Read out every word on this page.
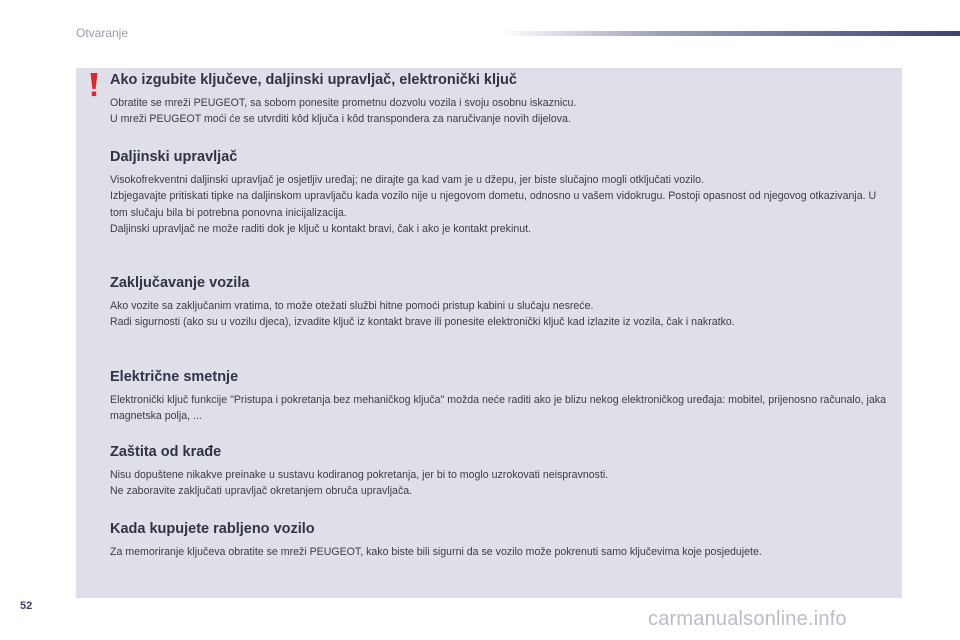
Otvaranje
Ako izgubite ključeve, daljinski upravljač, elektronički ključ

Obratite se mreži PEUGEOT, sa sobom ponesite prometnu dozvolu vozila i svoju osobnu iskaznicu.

U mreži PEUGEOT moći će se utvrditi kôd ključa i kôd transpondera za naručivanje novih dijelova.

Daljinski upravljač

Visokofrekventni daljinski upravljač je osjetljiv uređaj; ne dirajte ga kad vam je u džepu, jer biste slučajno mogli otključati vozilo.

Izbjegavajte pritiskati tipke na daljinskom upravljaču kada vozilo nije u njegovom dometu, odnosno u vašem vidokrugu. Postoji opasnost od njegovog otkazivanja. U tom slučaju bila bi potrebna ponovna inicijalizacija.

Daljinski upravljač ne može raditi dok je ključ u kontakt bravi, čak i ako je kontakt prekinut.

Zaključavanje vozila

Ako vozite sa zaključanim vratima, to može otežati službi hitne pomoći pristup kabini u slučaju nesreće.

Radi sigurnosti (ako su u vozilu djeca), izvadite ključ iz kontakt brave ili ponesite elektronički ključ kad izlazite iz vozila, čak i nakratko.

Električne smetnje

Elektronički ključ funkcije "Pristupa i pokretanja bez mehaničkog ključa" možda neće raditi ako je blizu nekog elektroničkog uređaja: mobitel, prijenosno računalo, jaka magnetska polja, ...

Zaštita od krađe

Nisu dopuštene nikakve preinake u sustavu kodiranog pokretanja, jer bi to moglo uzrokovati neispravnosti.

Ne zaboravite zaključati upravljač okretanjem obruča upravljača.

Kada kupujete rabljeno vozilo

Za memoriranje ključeva obratite se mreži PEUGEOT, kako biste bili sigurni da se vozilo može pokrenuti samo ključevima koje posjedujete.

52
carmanualsonline.info
